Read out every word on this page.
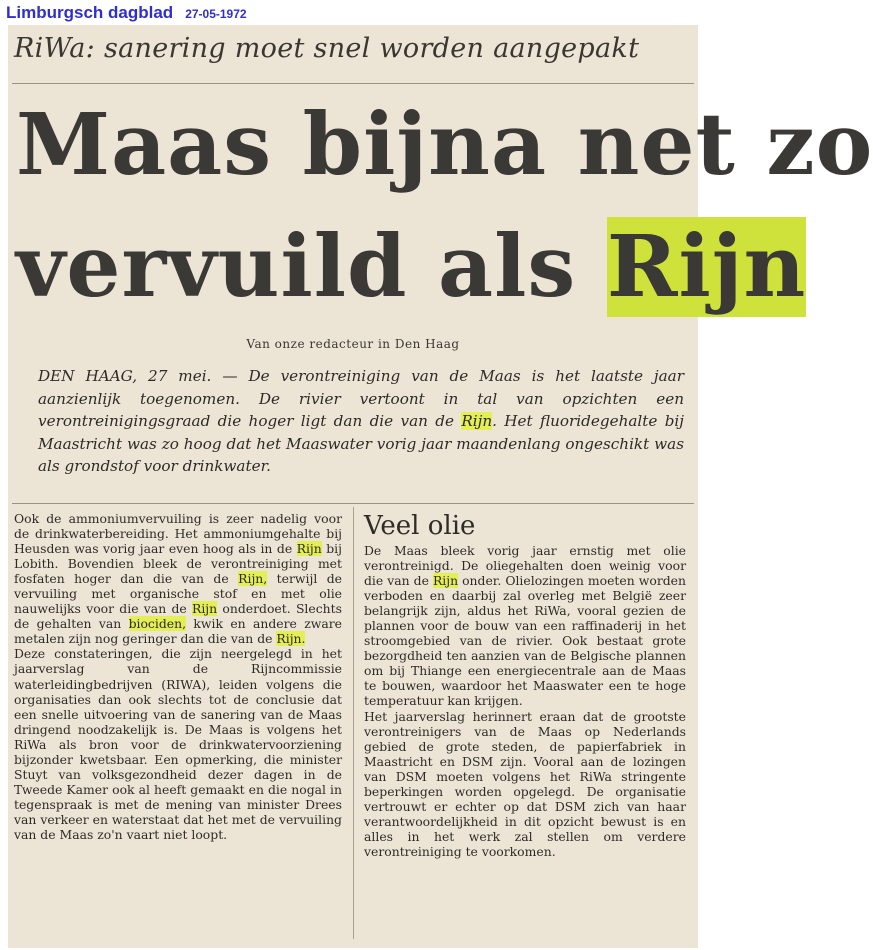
Limburgsch dagblad 27-05-1972
RiWa: sanering moet snel worden aangepakt
Maas bijna net zo
vervuild als Rijn
Van onze redacteur in Den Haag
DEN HAAG, 27 mei. — De verontreiniging van de Maas is het laatste jaar aanzienlijk toegenomen. De rivier vertoont in tal van opzichten een verontreinigingsgraad die hoger ligt dan die van de Rijn. Het fluoridegehalte bij Maastricht was zo hoog dat het Maaswater vorig jaar maandenlang ongeschikt was als grondstof voor drinkwater.

Ook de ammoniumvervuiling is zeer nadelig voor de drinkwaterbereiding. Het ammoniumgehalte bij Heusden was vorig jaar even hoog als in de Rijn bij Lobith. Bovendien bleek de verontreiniging met fosfaten hoger dan die van de Rijn, terwijl de vervuiling met organische stof en met olie nauwelijks voor die van de Rijn onderdoet. Slechts de gehalten van biociden, kwik en andere zware metalen zijn nog geringer dan die van de Rijn.

Deze constateringen, die zijn neergelegd in het jaarverslag van de Rijncommissie waterleidingbedrijven (RIWA), leiden volgens die organisaties dan ook slechts tot de conclusie dat een snelle uitvoering van de sanering van de Maas dringend noodzakelijk is. De Maas is volgens het RiWa als bron voor de drinkwatervoorziening bijzonder kwetsbaar. Een opmerking, die minister Stuyt van volksgezondheid dezer dagen in de Tweede Kamer ook al heeft gemaakt en die nogal in tegenspraak is met de mening van minister Drees van verkeer en waterstaat dat het met de vervuiling van de Maas zo'n vaart niet loopt.

Veel olie

De Maas bleek vorig jaar ernstig met olie verontreinigd. De oliegehalten doen weinig voor die van de Rijn onder. Olielozingen moeten worden verboden en daarbij zal overleg met België zeer belangrijk zijn, aldus het RiWa, vooral gezien de plannen voor de bouw van een raffinaderij in het stroomgebied van de rivier. Ook bestaat grote bezorgdheid ten aanzien van de Belgische plannen om bij Thiange een energiecentrale aan de Maas te bouwen, waardoor het Maaswater een te hoge temperatuur kan krijgen.

Het jaarverslag herinnert eraan dat de grootste verontreinigers van de Maas op Nederlands gebied de grote steden, de papierfabriek in Maastricht en DSM zijn. Vooral aan de lozingen van DSM moeten volgens het RiWa stringente beperkingen worden opgelegd. De organisatie vertrouwt er echter op dat DSM zich van haar verantwoordelijkheid in dit opzicht bewust is en alles in het werk zal stellen om verdere verontreiniging te voorkomen.
